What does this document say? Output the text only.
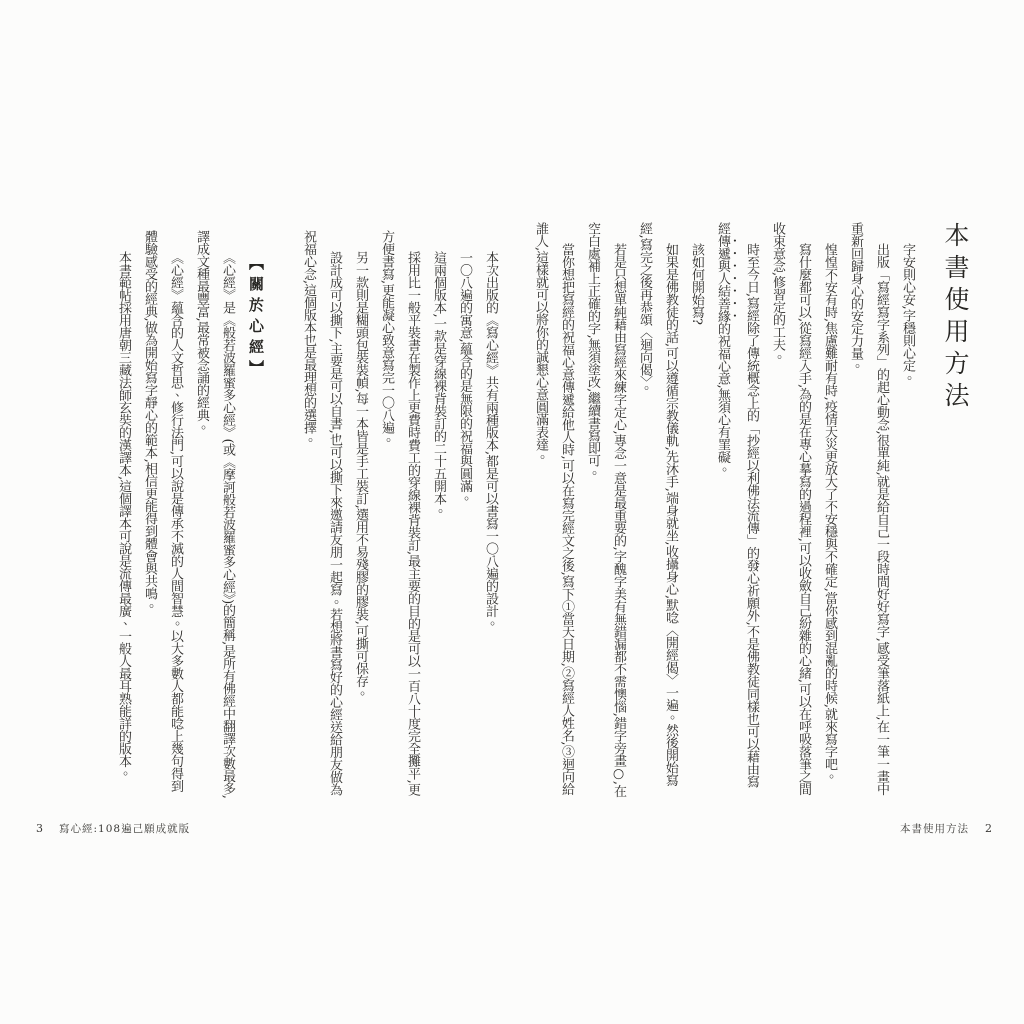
本書使用方法

字安則心安,字穩則心定。

出版「寫經寫字系列」的起心動念,很單純,就是給自己一段時間好好寫字,感受筆落紙上,在一筆一畫中重新回歸身心的安定力量。

惶惶不安有時,焦慮難耐有時,疫情天災更放大了不安穩與不確定,當你感到混亂的時候,就來寫字吧。

寫什麼都可以,從寫經入手,為的是在專心摹寫的過程裡,可以收斂自己紛雜的心緒,可以在呼吸落筆之間收束意念,修習定的工夫。

時至今日,寫經除了傳統概念上的「抄經以利佛法流傳」的發心祈願外,不是佛教徒同樣也可以藉由寫經傳遞與人結善緣的祝福心意,無須心有罣礙。

該如何開始寫?

如果是佛教徒的話,可以遵循宗教儀軌,先沐手,端身就坐,收攝身心,默唸〈開經偈〉一遍。然後開始寫經,寫完之後再恭頌〈迴向偈〉。

若是只想單純藉由寫經來練字定心,專念一意是最重要的,字醜字美有無錯漏都不需懊惱,錯字旁畫○,在空白處補上正確的字,無須塗改,繼續書寫即可。

當你想把寫經的祝福心意傳遞給他人時,可以在寫完經文之後,寫下①當天日期,②寫經人姓名,③迴向給誰人,這樣就可以將你的誠懇心意圓滿表達。

本次出版的《寫心經》共有兩種版本,都是可以書寫一〇八遍的設計。

一〇八遍的寓意,蘊含的是無限的祝福與圓滿。

這兩個版本,一款是穿線裸背裝訂的二十五開本。

採用比一般平裝書在製作上更費時費工的穿線裸背裝訂,最主要的目的是可以一百八十度完全攤平,更方便書寫,更能凝心致意寫完一〇八遍。

另一款則是糊頭包裝裝幀,每一本皆是手工裝訂,選用不易殘膠的膠裝,可撕可保存。

設計成可以撕下,主要是可以自書,也可以撕下來邀請友朋一起寫。若想將書寫好的心經送給朋友做為祝福心念,這個版本也是最理想的選擇。

【關於心經】

《心經》是《般若波羅蜜多心經》(或《摩訶般若波羅蜜多心經》)的簡稱,是所有佛經中翻譯次數最多,譯成文種最豐富,最常被念誦的經典。

《心經》蘊含的人文哲思、修行法門,可以說是傳承不滅的人間智慧。以大多數人都能唸上幾句得到體驗感受的經典,做為開始寫字靜心的範本,相信更能得到體會與共鳴。

本書範帖採用唐朝三藏法師玄奘的漢譯本,這個譯本可說是流傳最廣、一般人最耳熟能詳的版本。

3 寫心經:108遍己願成就版	本書使用方法 2
